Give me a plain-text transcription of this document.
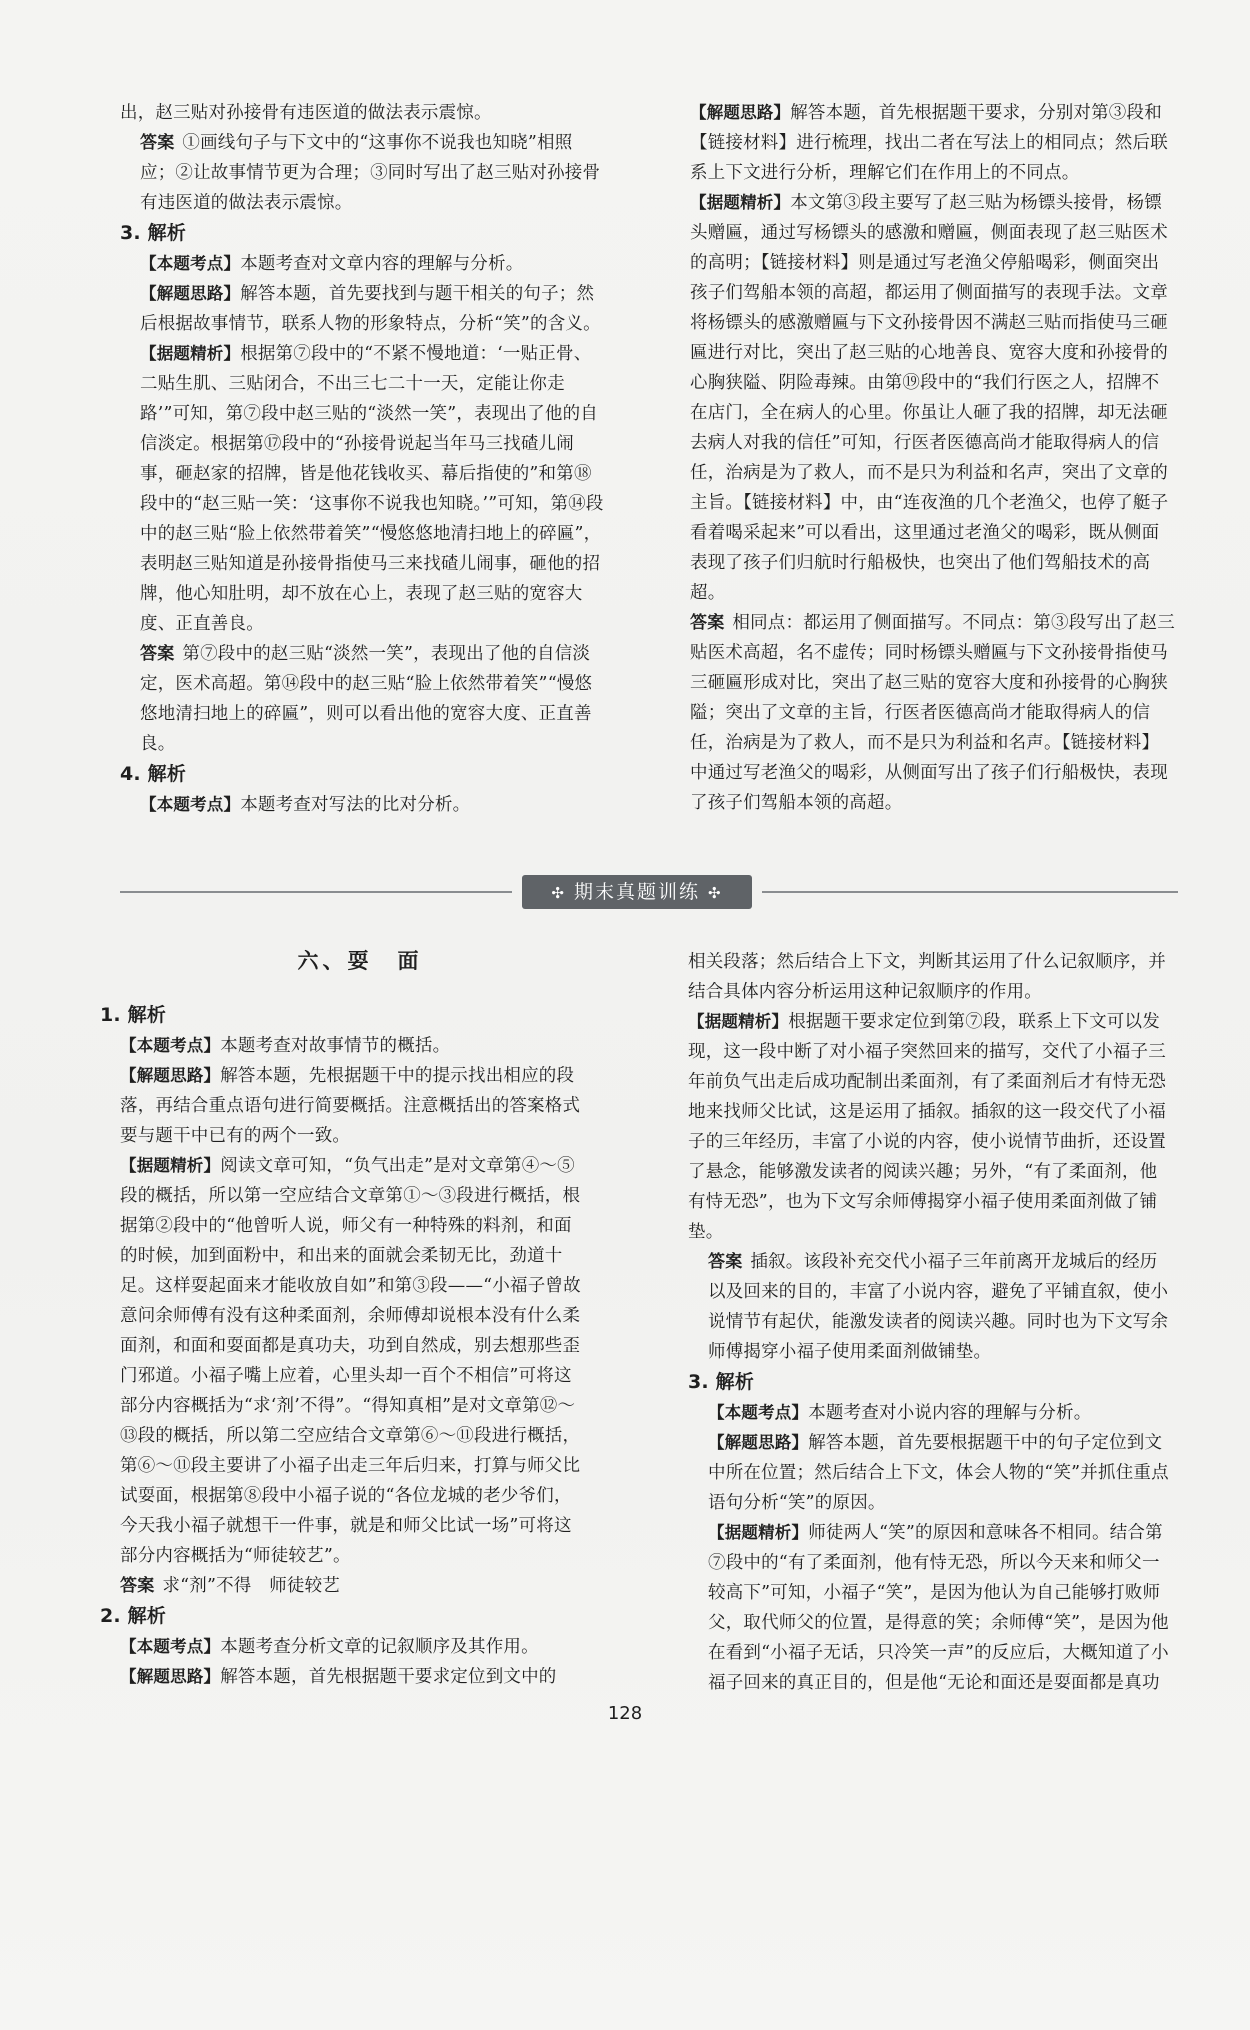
出，赵三贴对孙接骨有违医道的做法表示震惊。

答案 ①画线句子与下文中的“这事你不说我也知晓”相照应；②让故事情节更为合理；③同时写出了赵三贴对孙接骨有违医道的做法表示震惊。

3. 解析

【本题考点】本题考查对文章内容的理解与分析。

【解题思路】解答本题，首先要找到与题干相关的句子；然后根据故事情节，联系人物的形象特点，分析“笑”的含义。

【据题精析】根据第⑦段中的“不紧不慢地道：‘一贴正骨、二贴生肌、三贴闭合，不出三七二十一天，定能让你走路’”可知，第⑦段中赵三贴的“淡然一笑”，表现出了他的自信淡定。根据第⑰段中的“孙接骨说起当年马三找碴儿闹事，砸赵家的招牌，皆是他花钱收买、幕后指使的”和第⑱段中的“赵三贴一笑：‘这事你不说我也知晓。’”可知，第⑭段中的赵三贴“脸上依然带着笑”“慢悠悠地清扫地上的碎匾”，表明赵三贴知道是孙接骨指使马三来找碴儿闹事，砸他的招牌，他心知肚明，却不放在心上，表现了赵三贴的宽容大度、正直善良。

答案 第⑦段中的赵三贴“淡然一笑”，表现出了他的自信淡定，医术高超。第⑭段中的赵三贴“脸上依然带着笑”“慢悠悠地清扫地上的碎匾”，则可以看出他的宽容大度、正直善良。

4. 解析

【本题考点】本题考查对写法的比对分析。

【解题思路】解答本题，首先根据题干要求，分别对第③段和【链接材料】进行梳理，找出二者在写法上的相同点；然后联系上下文进行分析，理解它们在作用上的不同点。

【据题精析】本文第③段主要写了赵三贴为杨镖头接骨，杨镖头赠匾，通过写杨镖头的感激和赠匾，侧面表现了赵三贴医术的高明；【链接材料】则是通过写老渔父停船喝彩，侧面突出孩子们驾船本领的高超，都运用了侧面描写的表现手法。文章将杨镖头的感激赠匾与下文孙接骨因不满赵三贴而指使马三砸匾进行对比，突出了赵三贴的心地善良、宽容大度和孙接骨的心胸狭隘、阴险毒辣。由第⑲段中的“我们行医之人，招牌不在店门，全在病人的心里。你虽让人砸了我的招牌，却无法砸去病人对我的信任”可知，行医者医德高尚才能取得病人的信任，治病是为了救人，而不是只为利益和名声，突出了文章的主旨。【链接材料】中，由“连夜渔的几个老渔父，也停了艇子看着喝采起来”可以看出，这里通过老渔父的喝彩，既从侧面表现了孩子们归航时行船极快，也突出了他们驾船技术的高超。

答案 相同点：都运用了侧面描写。不同点：第③段写出了赵三贴医术高超，名不虚传；同时杨镖头赠匾与下文孙接骨指使马三砸匾形成对比，突出了赵三贴的宽容大度和孙接骨的心胸狭隘；突出了文章的主旨，行医者医德高尚才能取得病人的信任，治病是为了救人，而不是只为利益和名声。【链接材料】中通过写老渔父的喝彩，从侧面写出了孩子们行船极快，表现了孩子们驾船本领的高超。

✣ 期末真题训练 ✣
六、耍　面

1. 解析

【本题考点】本题考查对故事情节的概括。

【解题思路】解答本题，先根据题干中的提示找出相应的段落，再结合重点语句进行简要概括。注意概括出的答案格式要与题干中已有的两个一致。

【据题精析】阅读文章可知，“负气出走”是对文章第④～⑤段的概括，所以第一空应结合文章第①～③段进行概括，根据第②段中的“他曾听人说，师父有一种特殊的料剂，和面的时候，加到面粉中，和出来的面就会柔韧无比，劲道十足。这样耍起面来才能收放自如”和第③段——“小福子曾故意问余师傅有没有这种柔面剂，余师傅却说根本没有什么柔面剂，和面和耍面都是真功夫，功到自然成，别去想那些歪门邪道。小福子嘴上应着，心里头却一百个不相信”可将这部分内容概括为“求‘剂’不得”。“得知真相”是对文章第⑫～⑬段的概括，所以第二空应结合文章第⑥～⑪段进行概括，第⑥～⑪段主要讲了小福子出走三年后归来，打算与师父比试耍面，根据第⑧段中小福子说的“各位龙城的老少爷们，今天我小福子就想干一件事，就是和师父比试一场”可将这部分内容概括为“师徒较艺”。

答案 求“剂”不得　师徒较艺

2. 解析

【本题考点】本题考查分析文章的记叙顺序及其作用。

【解题思路】解答本题，首先根据题干要求定位到文中的

相关段落；然后结合上下文，判断其运用了什么记叙顺序，并结合具体内容分析运用这种记叙顺序的作用。

【据题精析】根据题干要求定位到第⑦段，联系上下文可以发现，这一段中断了对小福子突然回来的描写，交代了小福子三年前负气出走后成功配制出柔面剂，有了柔面剂后才有恃无恐地来找师父比试，这是运用了插叙。插叙的这一段交代了小福子的三年经历，丰富了小说的内容，使小说情节曲折，还设置了悬念，能够激发读者的阅读兴趣；另外，“有了柔面剂，他有恃无恐”，也为下文写余师傅揭穿小福子使用柔面剂做了铺垫。

答案 插叙。该段补充交代小福子三年前离开龙城后的经历以及回来的目的，丰富了小说内容，避免了平铺直叙，使小说情节有起伏，能激发读者的阅读兴趣。同时也为下文写余师傅揭穿小福子使用柔面剂做铺垫。

3. 解析

【本题考点】本题考查对小说内容的理解与分析。

【解题思路】解答本题，首先要根据题干中的句子定位到文中所在位置；然后结合上下文，体会人物的“笑”并抓住重点语句分析“笑”的原因。

【据题精析】师徒两人“笑”的原因和意味各不相同。结合第⑦段中的“有了柔面剂，他有恃无恐，所以今天来和师父一较高下”可知，小福子“笑”，是因为他认为自己能够打败师父，取代师父的位置，是得意的笑；余师傅“笑”，是因为他在看到“小福子无话，只冷笑一声”的反应后，大概知道了小福子回来的真正目的，但是他“无论和面还是耍面都是真功

128
